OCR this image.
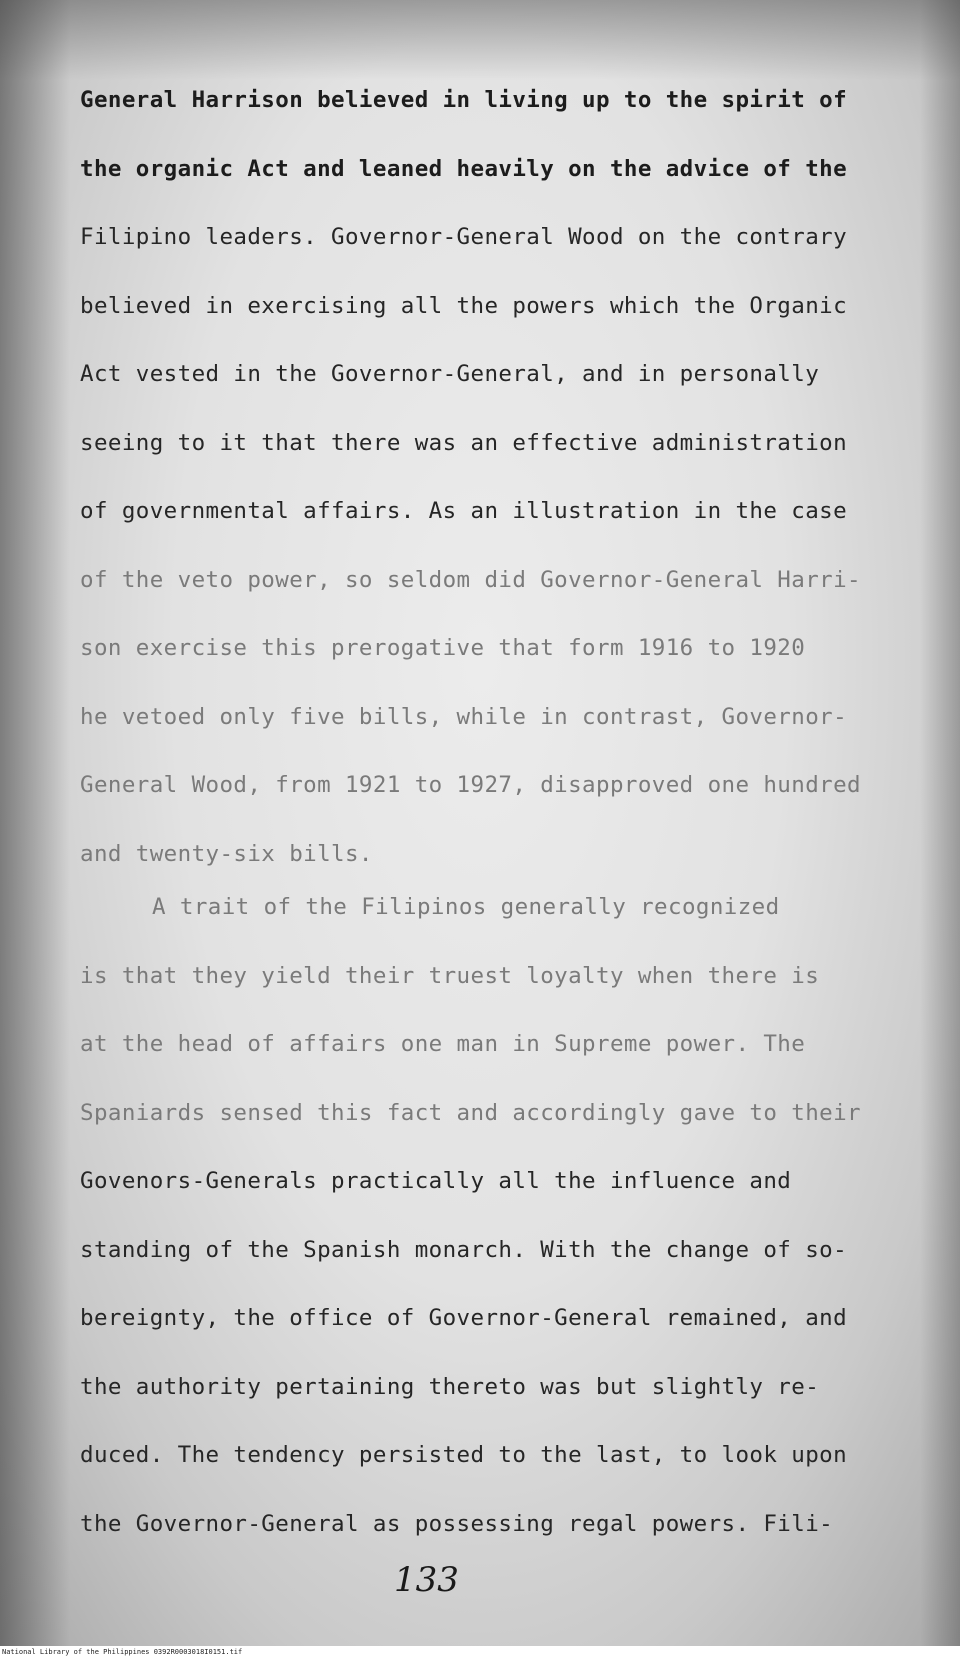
General Harrison believed in living up to the spirit of
the organic Act and leaned heavily on the advice of the
Filipino leaders. Governor-General Wood on the contrary
believed in exercising all the powers which the Organic
Act vested in the Governor-General, and in personally
seeing to it that there was an effective administration
of governmental affairs. As an illustration in the case
of the veto power, so seldom did Governor-General Harri-
son exercise this prerogative that form 1916 to 1920
he vetoed only five bills, while in contrast, Governor-
General Wood, from 1921 to 1927, disapproved one hundred
and twenty-six bills.
A trait of the Filipinos generally recognized
is that they yield their truest loyalty when there is
at the head of affairs one man in Supreme power. The
Spaniards sensed this fact and accordingly gave to their
Govenors-Generals practically all the influence and
standing of the Spanish monarch. With the change of so-
bereignty, the office of Governor-General remained, and
the authority pertaining thereto was but slightly re-
duced. The tendency persisted to the last, to look upon
the Governor-General as possessing regal powers. Fili-
133
National Library of the Philippines 0392R0003018I0151.tif
